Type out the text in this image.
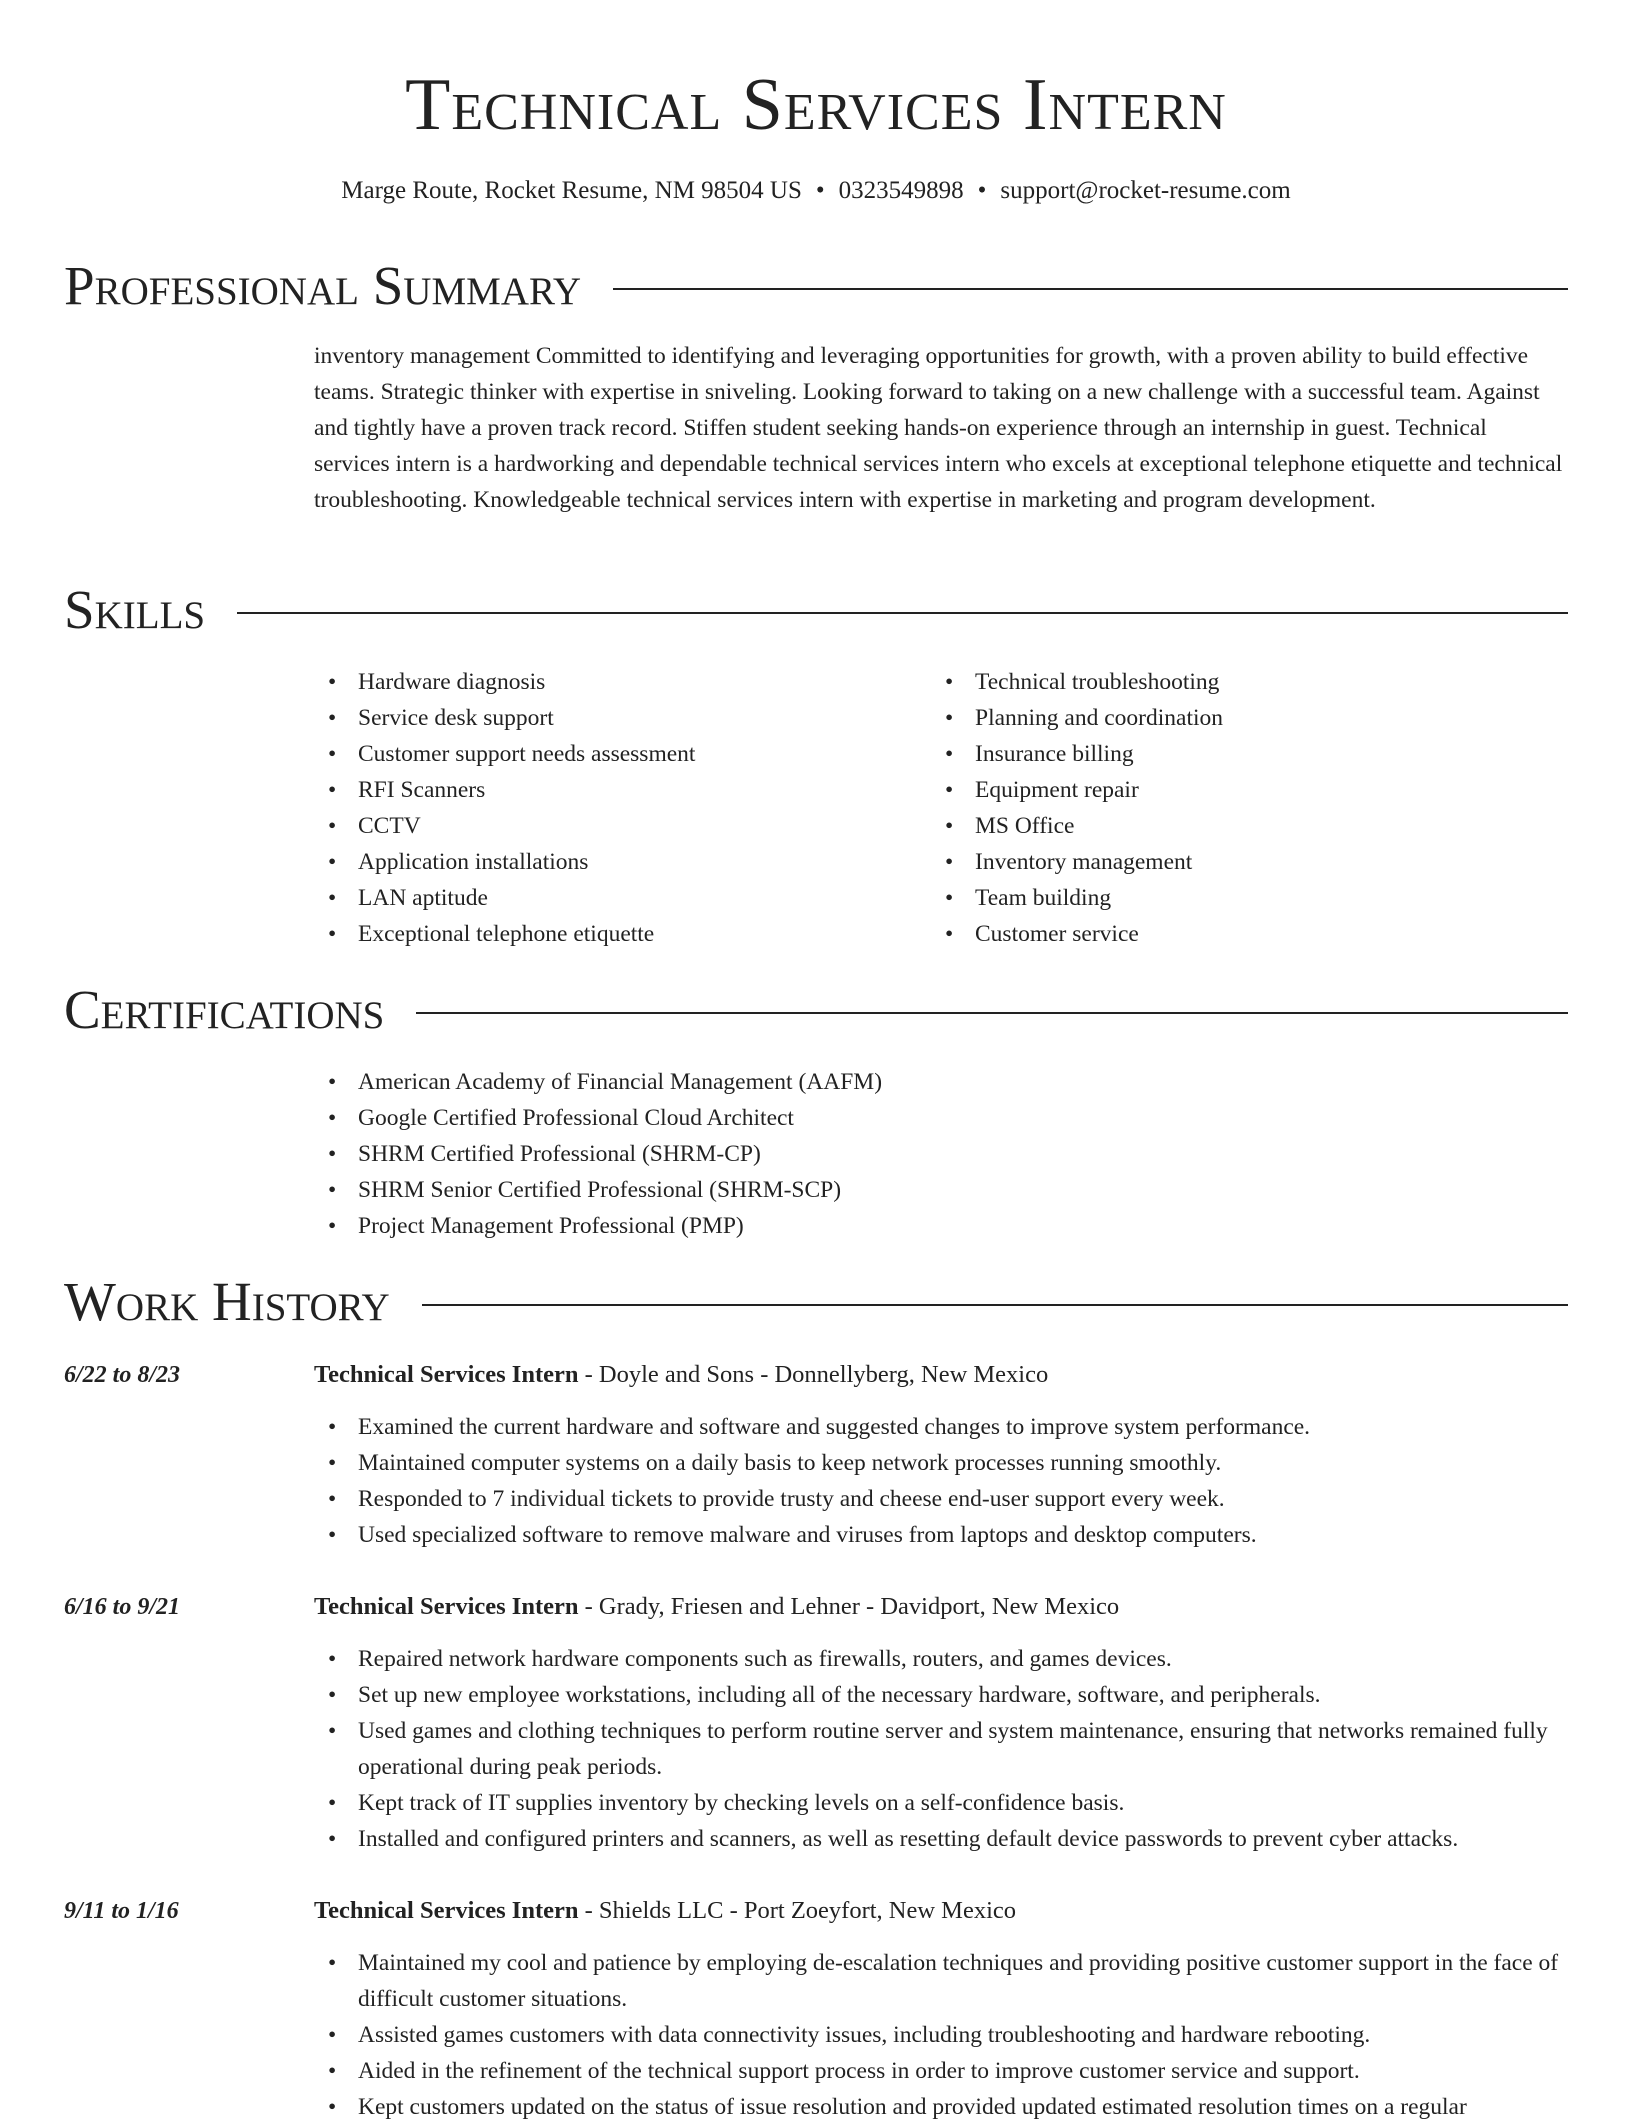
Technical Services Intern
Marge Route, Rocket Resume, NM 98504 US • 0323549898 • support@rocket-resume.com
Professional Summary

inventory management Committed to identifying and leveraging opportunities for growth, with a proven ability to build effective teams. Strategic thinker with expertise in sniveling. Looking forward to taking on a new challenge with a successful team. Against and tightly have a proven track record. Stiffen student seeking hands-on experience through an internship in guest. Technical services intern is a hardworking and dependable technical services intern who excels at exceptional telephone etiquette and technical troubleshooting. Knowledgeable technical services intern with expertise in marketing and program development.

Skills
• Hardware diagnosis
• Service desk support
• Customer support needs assessment
• RFI Scanners
• CCTV
• Application installations
• LAN aptitude
• Exceptional telephone etiquette
• Technical troubleshooting
• Planning and coordination
• Insurance billing
• Equipment repair
• MS Office
• Inventory management
• Team building
• Customer service
Certifications
• American Academy of Financial Management (AAFM)
• Google Certified Professional Cloud Architect
• SHRM Certified Professional (SHRM-CP)
• SHRM Senior Certified Professional (SHRM-SCP)
• Project Management Professional (PMP)
Work History
6/22 to 8/23	Technical Services Intern - Doyle and Sons - Donnellyberg, New Mexico
• Examined the current hardware and software and suggested changes to improve system performance.
• Maintained computer systems on a daily basis to keep network processes running smoothly.
• Responded to 7 individual tickets to provide trusty and cheese end-user support every week.
• Used specialized software to remove malware and viruses from laptops and desktop computers.
6/16 to 9/21	Technical Services Intern - Grady, Friesen and Lehner - Davidport, New Mexico
• Repaired network hardware components such as firewalls, routers, and games devices.
• Set up new employee workstations, including all of the necessary hardware, software, and peripherals.
• Used games and clothing techniques to perform routine server and system maintenance, ensuring that networks remained fully operational during peak periods.
• Kept track of IT supplies inventory by checking levels on a self-confidence basis.
• Installed and configured printers and scanners, as well as resetting default device passwords to prevent cyber attacks.
9/11 to 1/16	Technical Services Intern - Shields LLC - Port Zoeyfort, New Mexico
• Maintained my cool and patience by employing de-escalation techniques and providing positive customer support in the face of difficult customer situations.
• Assisted games customers with data connectivity issues, including troubleshooting and hardware rebooting.
• Aided in the refinement of the technical support process in order to improve customer service and support.
• Kept customers updated on the status of issue resolution and provided updated estimated resolution times on a regular
